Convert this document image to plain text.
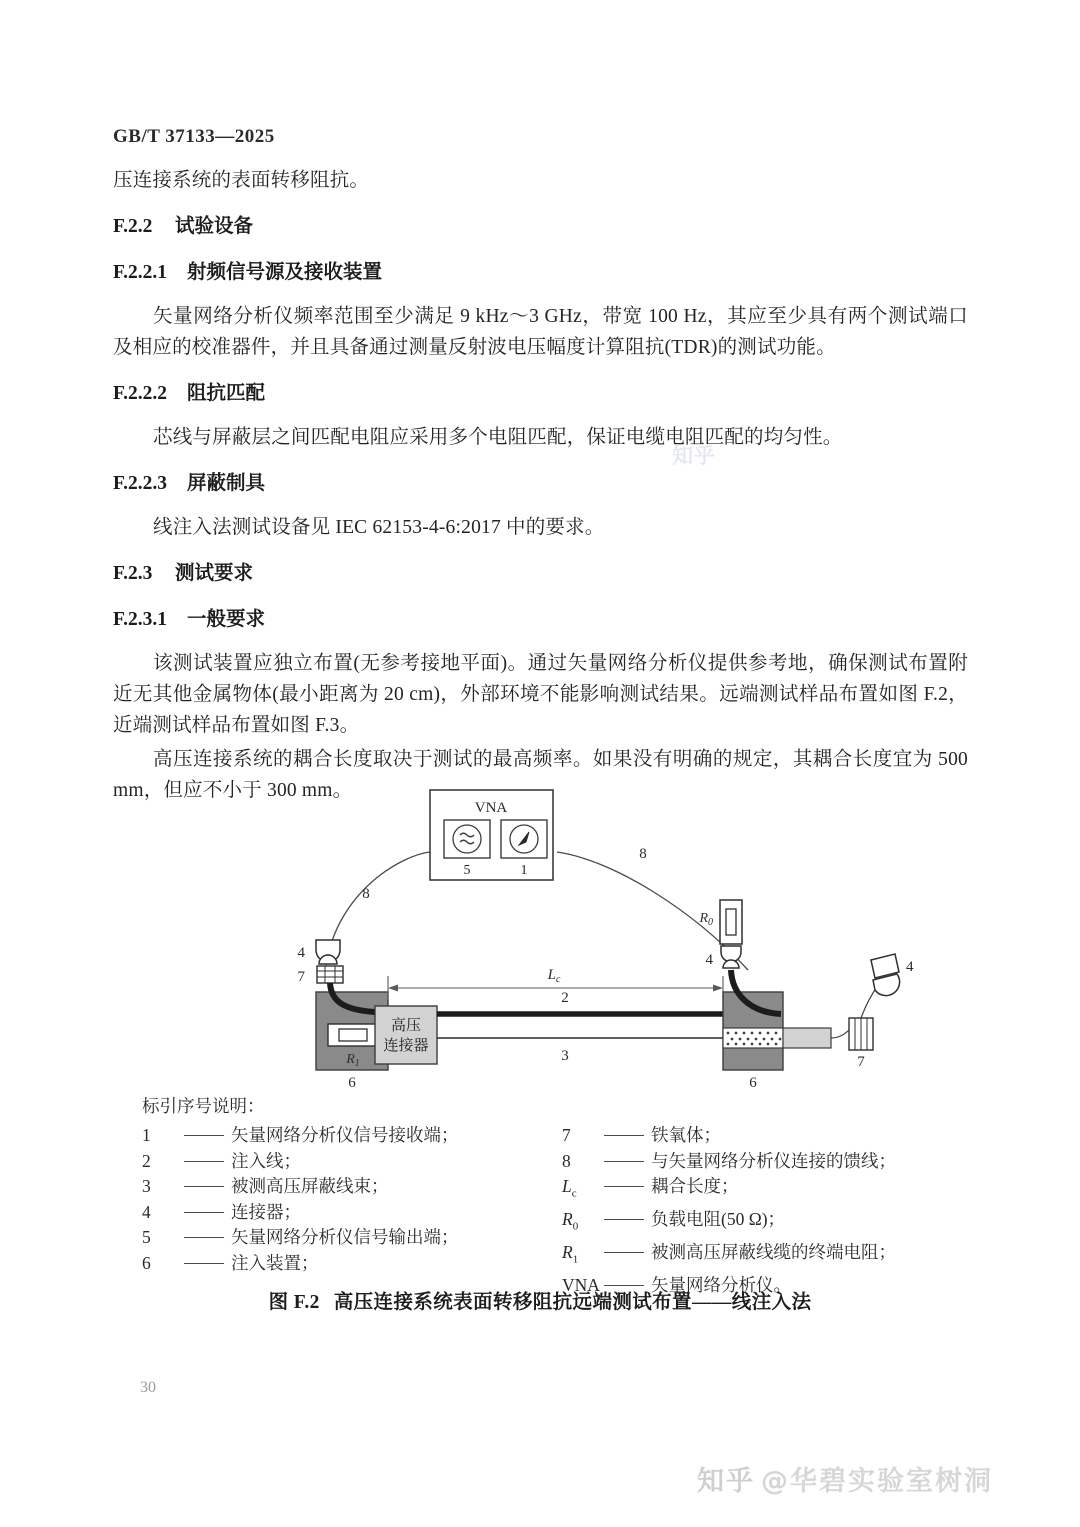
GB/T 37133—2025

压连接系统的表面转移阻抗。

F.2.2 试验设备
F.2.2.1 射频信号源及接收装置

矢量网络分析仪频率范围至少满足 9 kHz～3 GHz，带宽 100 Hz，其应至少具有两个测试端口及相应的校准器件，并且具备通过测量反射波电压幅度计算阻抗(TDR)的测试功能。

F.2.2.2 阻抗匹配

芯线与屏蔽层之间匹配电阻应采用多个电阻匹配，保证电缆电阻匹配的均匀性。

F.2.2.3 屏蔽制具

线注入法测试设备见 IEC 62153-4-6:2017 中的要求。

F.2.3 测试要求
F.2.3.1 一般要求

该测试装置应独立布置(无参考接地平面)。通过矢量网络分析仪提供参考地，确保测试布置附近无其他金属物体(最小距离为 20 cm)，外部环境不能影响测试结果。远端测试样品布置如图 F.2，近端测试样品布置如图 F.3。

高压连接系统的耦合长度取决于测试的最高频率。如果没有明确的规定，其耦合长度宜为 500 mm，但应不小于 300 mm。

VNA
5	1
8
8
4
7
$R_1$
6
高压
连接器
2
3
$L_c$
$R_0$
4
6
7
4
标引序号说明：
1	矢量网络分析仪信号接收端；
2	注入线；
3	被测高压屏蔽线束；
4	连接器；
5	矢量网络分析仪信号输出端；
6	注入装置；
7	铁氧体；
8	与矢量网络分析仪连接的馈线；
$L_c$	耦合长度；
$R_0$	负载电阻(50 Ω)；
$R_1$	被测高压屏蔽线缆的终端电阻；
VNA	矢量网络分析仪。
图 F.2 高压连接系统表面转移阻抗远端测试布置——线注入法
30
知乎
知乎 @华碧实验室树洞
